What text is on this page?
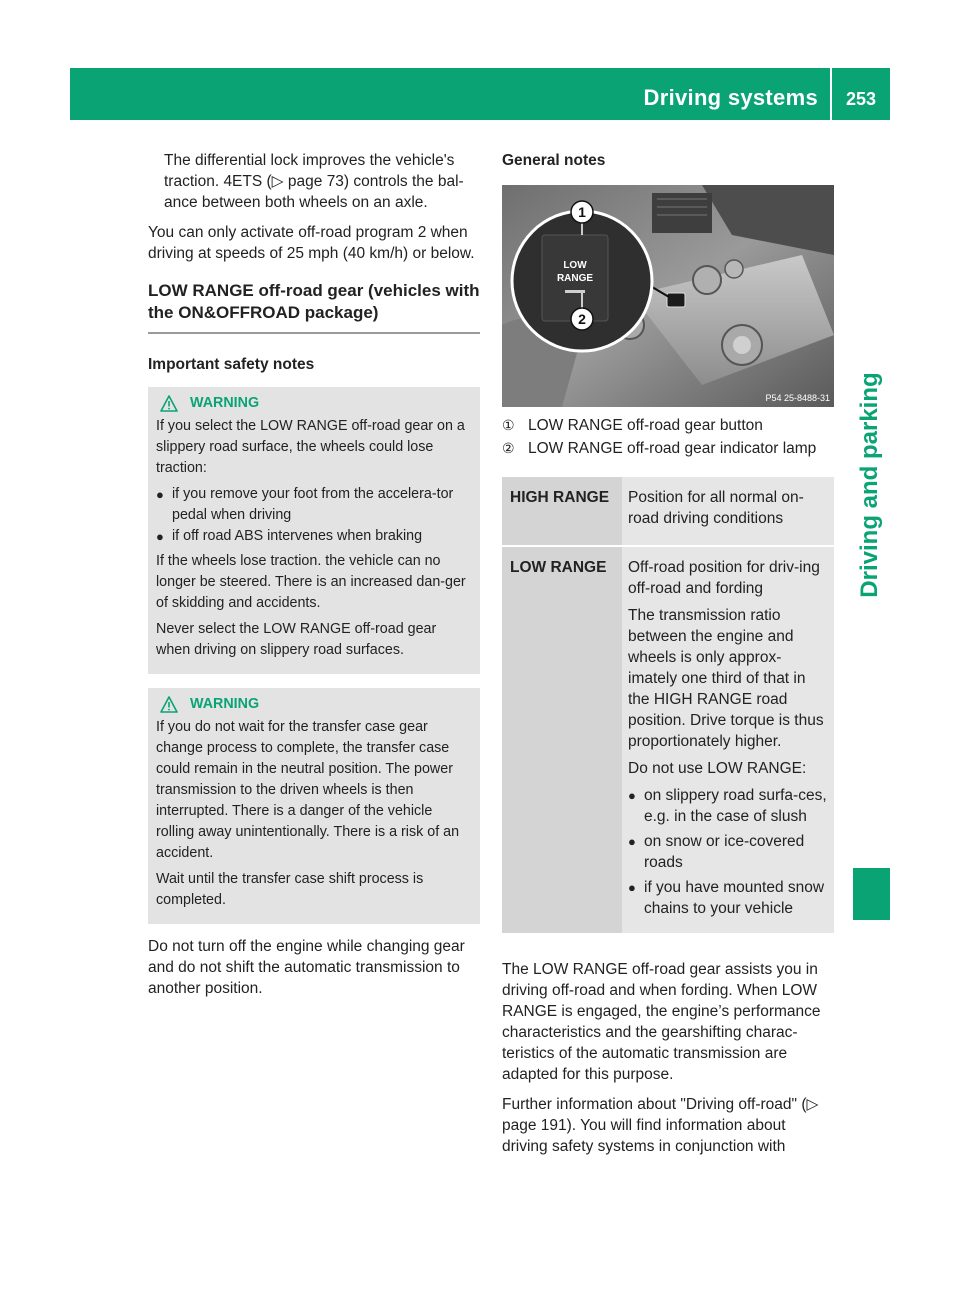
Driving systems	253
Driving and parking

The differential lock improves the vehicle's traction. 4ETS (▷ page 73) controls the bal-ance between both wheels on an axle.

You can only activate off-road program 2 when driving at speeds of 25 mph (40 km/h) or below.

LOW RANGE off-road gear (vehicles with the ON&OFFROAD package)
Important safety notes
WARNING

If you select the LOW RANGE off-road gear on a slippery road surface, the wheels could lose traction:

● if you remove your foot from the accelera-tor pedal when driving
● if off road ABS intervenes when braking

If the wheels lose traction. the vehicle can no longer be steered. There is an increased dan-ger of skidding and accidents.

Never select the LOW RANGE off-road gear when driving on slippery road surfaces.

WARNING

If you do not wait for the transfer case gear change process to complete, the transfer case could remain in the neutral position. The power transmission to the driven wheels is then interrupted. There is a danger of the vehicle rolling away unintentionally. There is a risk of an accident.

Wait until the transfer case shift process is completed.

Do not turn off the engine while changing gear and do not shift the automatic transmission to another position.

General notes
LOW
RANGE
1
2
P54 25-8488-31
① LOW RANGE off-road gear button
② LOW RANGE off-road gear indicator lamp
HIGH RANGE	Position for all normal on-road driving conditions

LOW RANGE	Off-road position for driv-ing off-road and fording

The transmission ratio between the engine and wheels is only approx-imately one third of that in the HIGH RANGE road position. Drive torque is thus proportionately higher.

Do not use LOW RANGE:

● on slippery road surfa-ces, e.g. in the case of slush
● on snow or ice-covered roads
● if you have mounted snow chains to your vehicle

The LOW RANGE off-road gear assists you in driving off-road and when fording. When LOW RANGE is engaged, the engine’s performance characteristics and the gearshifting charac-teristics of the automatic transmission are adapted for this purpose.

Further information about "Driving off-road" (▷ page 191). You will find information about driving safety systems in conjunction with
